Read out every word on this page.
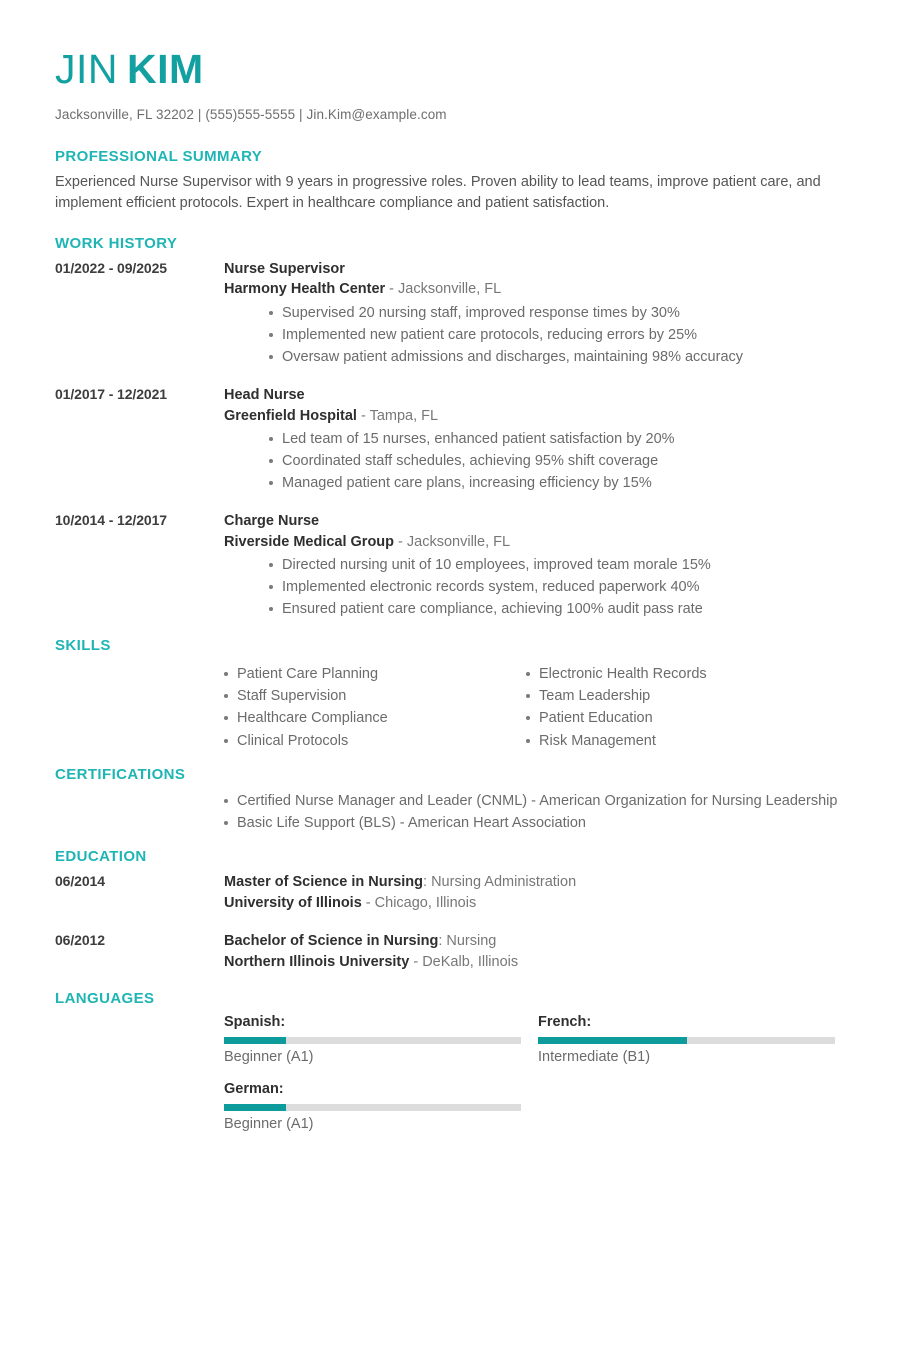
JIN KIM
Jacksonville, FL 32202 | (555)555-5555 | Jin.Kim@example.com
PROFESSIONAL SUMMARY

Experienced Nurse Supervisor with 9 years in progressive roles. Proven ability to lead teams, improve patient care, and implement efficient protocols. Expert in healthcare compliance and patient satisfaction.

WORK HISTORY
01/2022 - 09/2025	Nurse Supervisor
Harmony Health Center - Jacksonville, FL
Supervised 20 nursing staff, improved response times by 30%
Implemented new patient care protocols, reducing errors by 25%
Oversaw patient admissions and discharges, maintaining 98% accuracy
01/2017 - 12/2021	Head Nurse
Greenfield Hospital - Tampa, FL
Led team of 15 nurses, enhanced patient satisfaction by 20%
Coordinated staff schedules, achieving 95% shift coverage
Managed patient care plans, increasing efficiency by 15%
10/2014 - 12/2017	Charge Nurse
Riverside Medical Group - Jacksonville, FL
Directed nursing unit of 10 employees, improved team morale 15%
Implemented electronic records system, reduced paperwork 40%
Ensured patient care compliance, achieving 100% audit pass rate
SKILLS
Patient Care Planning
Staff Supervision
Healthcare Compliance
Clinical Protocols
Electronic Health Records
Team Leadership
Patient Education
Risk Management
CERTIFICATIONS
Certified Nurse Manager and Leader (CNML) - American Organization for Nursing Leadership
Basic Life Support (BLS) - American Heart Association
EDUCATION
06/2014	Master of Science in Nursing: Nursing Administration
University of Illinois - Chicago, Illinois
06/2012	Bachelor of Science in Nursing: Nursing
Northern Illinois University - DeKalb, Illinois
LANGUAGES
Spanish:
Beginner (A1)
French:
Intermediate (B1)
German:
Beginner (A1)
